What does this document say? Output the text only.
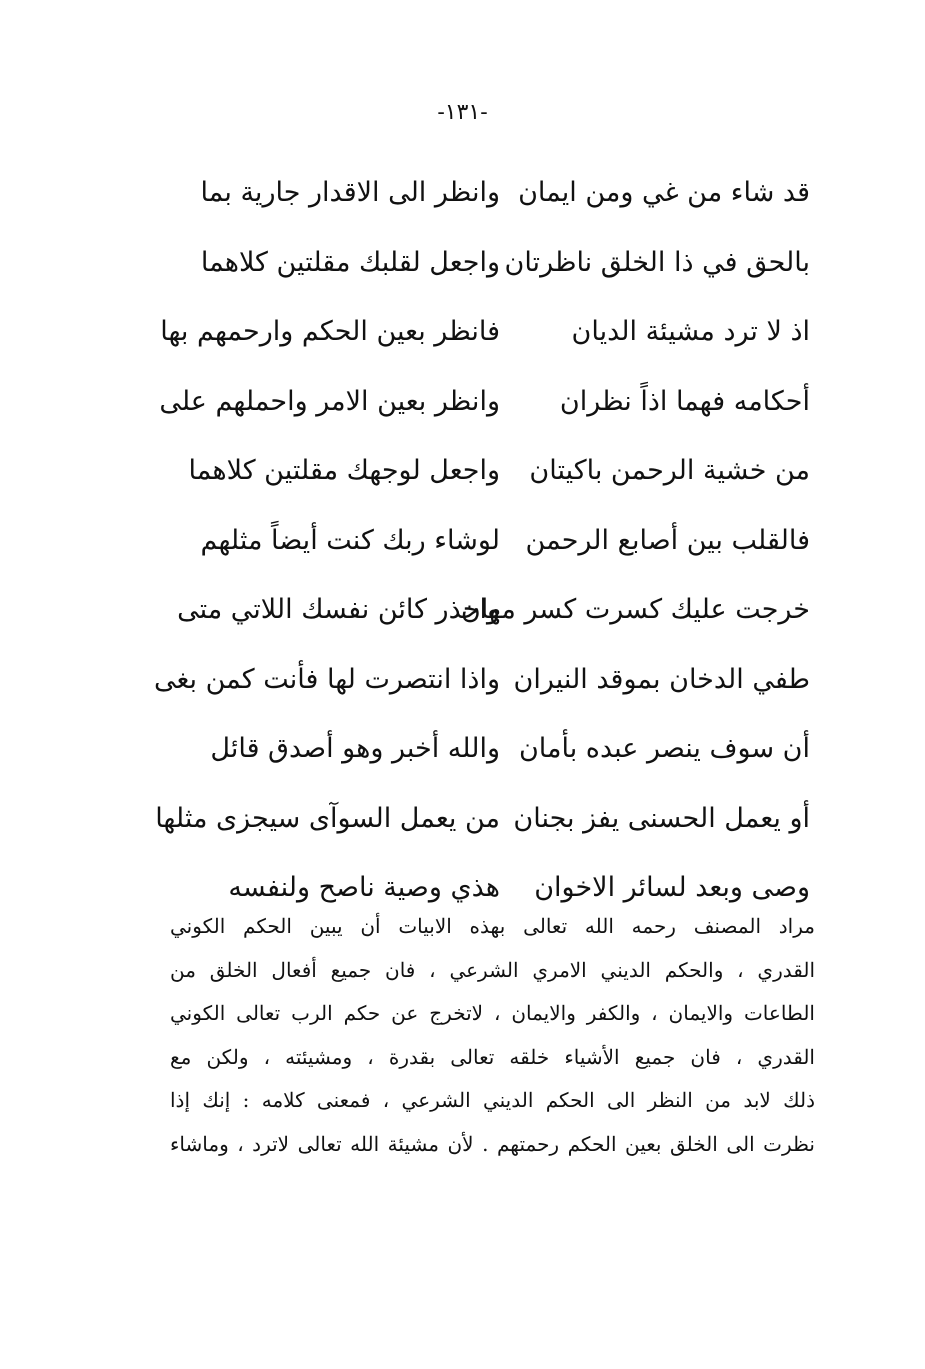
-١٣١-
وانظر الى الاقدار جارية بما قد شاء من غي ومن ايمان
واجعل لقلبك مقلتين كلاهما بالحق في ذا الخلق ناظرتان
فانظر بعين الحكم وارحمهم بها	اذ لا ترد مشيئة الديان
وانظر بعين الامر واحملهم على	أحكامه فهما اذاً نظران
واجعل لوجهك مقلتين كلاهما من خشية الرحمن باكيتان
لوشاء ربك كنت أيضاً مثلهم فالقلب بين أصابع الرحمن
واحذر كائن نفسك اللاتي متى
خرجت عليك كسرت كسر مهان
واذا انتصرت لها فأنت كمن بغى طفي الدخان بموقد النيران
والله أخبر وهو أصدق قائل أن سوف ينصر عبده بأمان
من يعمل السوآى سيجزى مثلها أو يعمل الحسنى يفز بجنان
هذي وصية ناصح ولنفسه وصى وبعد لسائر الاخوان
مراد المصنف رحمه الله تعالى بهذه الابيات أن يبين الحكم الكوني
القدري ، والحكم الديني الامري الشرعي ، فان جميع أفعال الخلق من
الطاعات والايمان ، والكفر والايمان ، لاتخرج عن حكم الرب تعالى الكوني
القدري ، فان جميع الأشياء خلقه تعالى بقدرة ، ومشيئته ، ولكن مع
ذلك لابد من النظر الى الحكم الديني الشرعي ، فمعنى كلامه : إنك إذا
نظرت الى الخلق بعين الحكم رحمتهم . لأن مشيئة الله تعالى لاترد ، وماشاء
